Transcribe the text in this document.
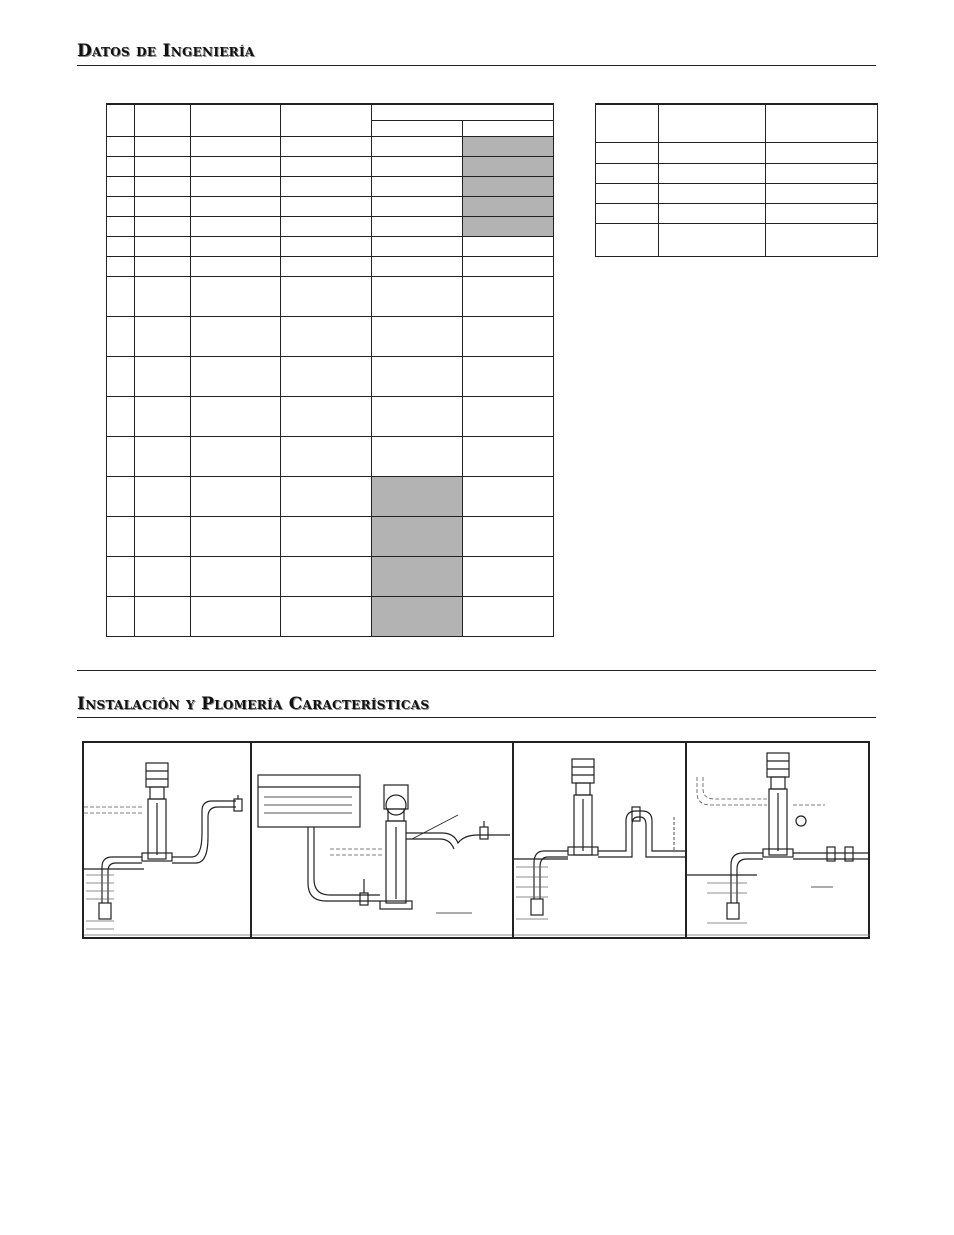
Datos de Ingeniería

Instalación y Plomería Características
